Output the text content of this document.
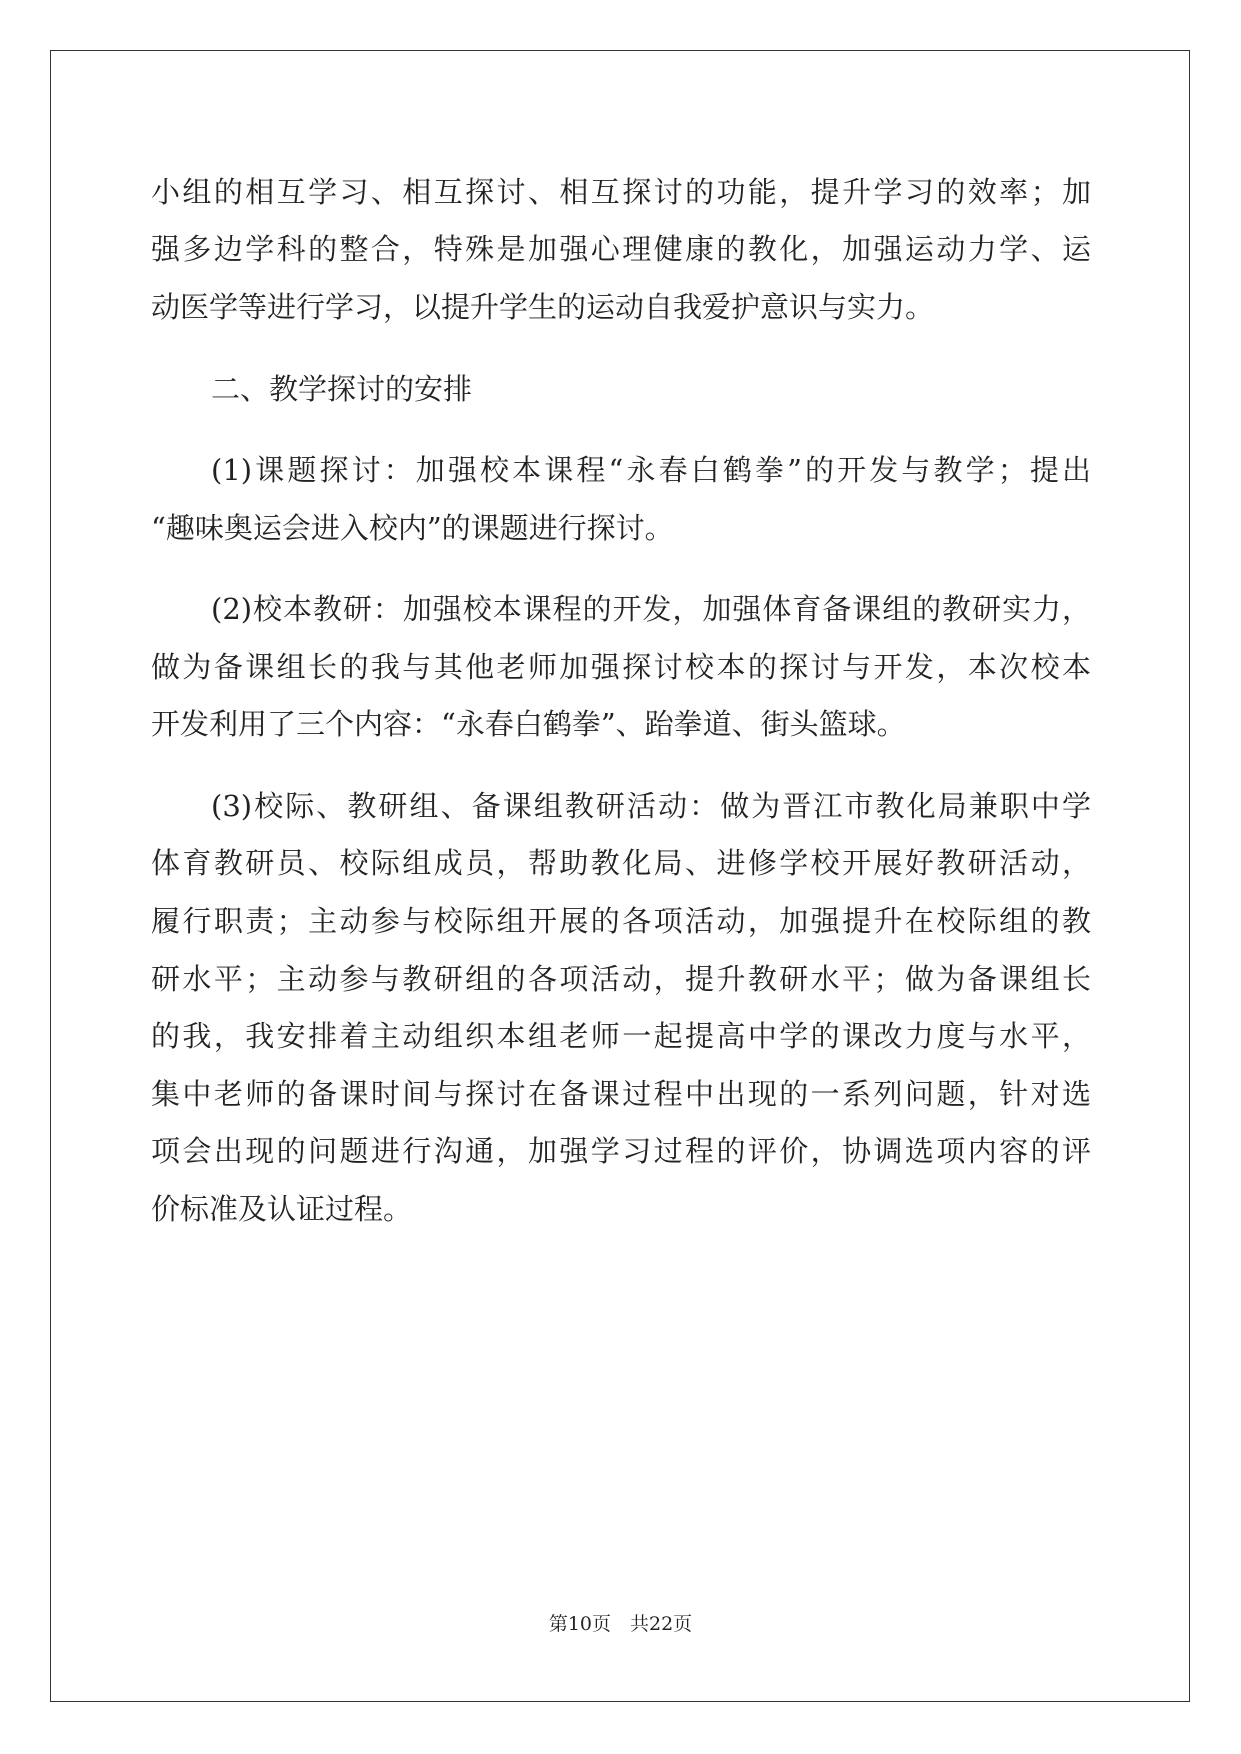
小组的相互学习、相互探讨、相互探讨的功能，提升学习的效率；加
强多边学科的整合，特殊是加强心理健康的教化，加强运动力学、运
动医学等进行学习，以提升学生的运动自我爱护意识与实力。
二、教学探讨的安排
(1)课题探讨：加强校本课程“永春白鹤拳”的开发与教学；提出
“趣味奥运会进入校内”的课题进行探讨。
(2)校本教研：加强校本课程的开发，加强体育备课组的教研实力，
做为备课组长的我与其他老师加强探讨校本的探讨与开发，本次校本
开发利用了三个内容：“永春白鹤拳”、跆拳道、街头篮球。
(3)校际、教研组、备课组教研活动：做为晋江市教化局兼职中学
体育教研员、校际组成员，帮助教化局、进修学校开展好教研活动，
履行职责；主动参与校际组开展的各项活动，加强提升在校际组的教
研水平；主动参与教研组的各项活动，提升教研水平；做为备课组长
的我，我安排着主动组织本组老师一起提高中学的课改力度与水平，
集中老师的备课时间与探讨在备课过程中出现的一系列问题，针对选
项会出现的问题进行沟通，加强学习过程的评价，协调选项内容的评
价标准及认证过程。
第10页　共22页
